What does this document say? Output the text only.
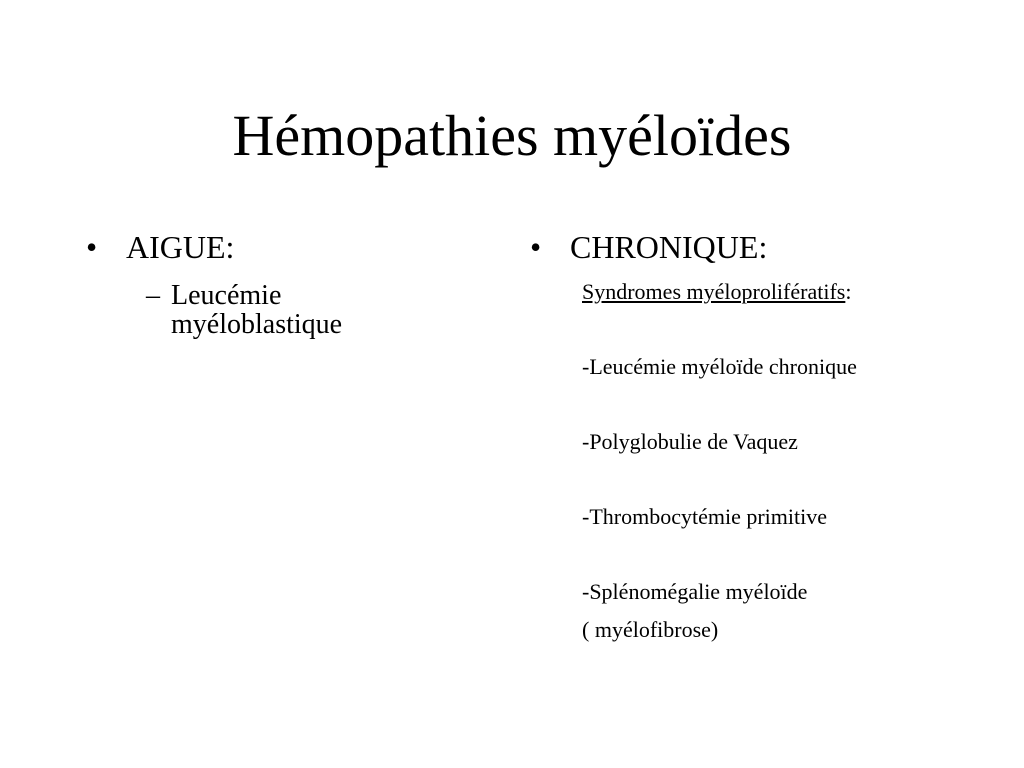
Hémopathies myéloïdes
• AIGUE:
– Leucémie myéloblastique
• CHRONIQUE:
Syndromes myéloprolifératifs:
-Leucémie myéloïde chronique
-Polyglobulie de Vaquez
-Thrombocytémie primitive
-Splénomégalie myéloïde
( myélofibrose)
